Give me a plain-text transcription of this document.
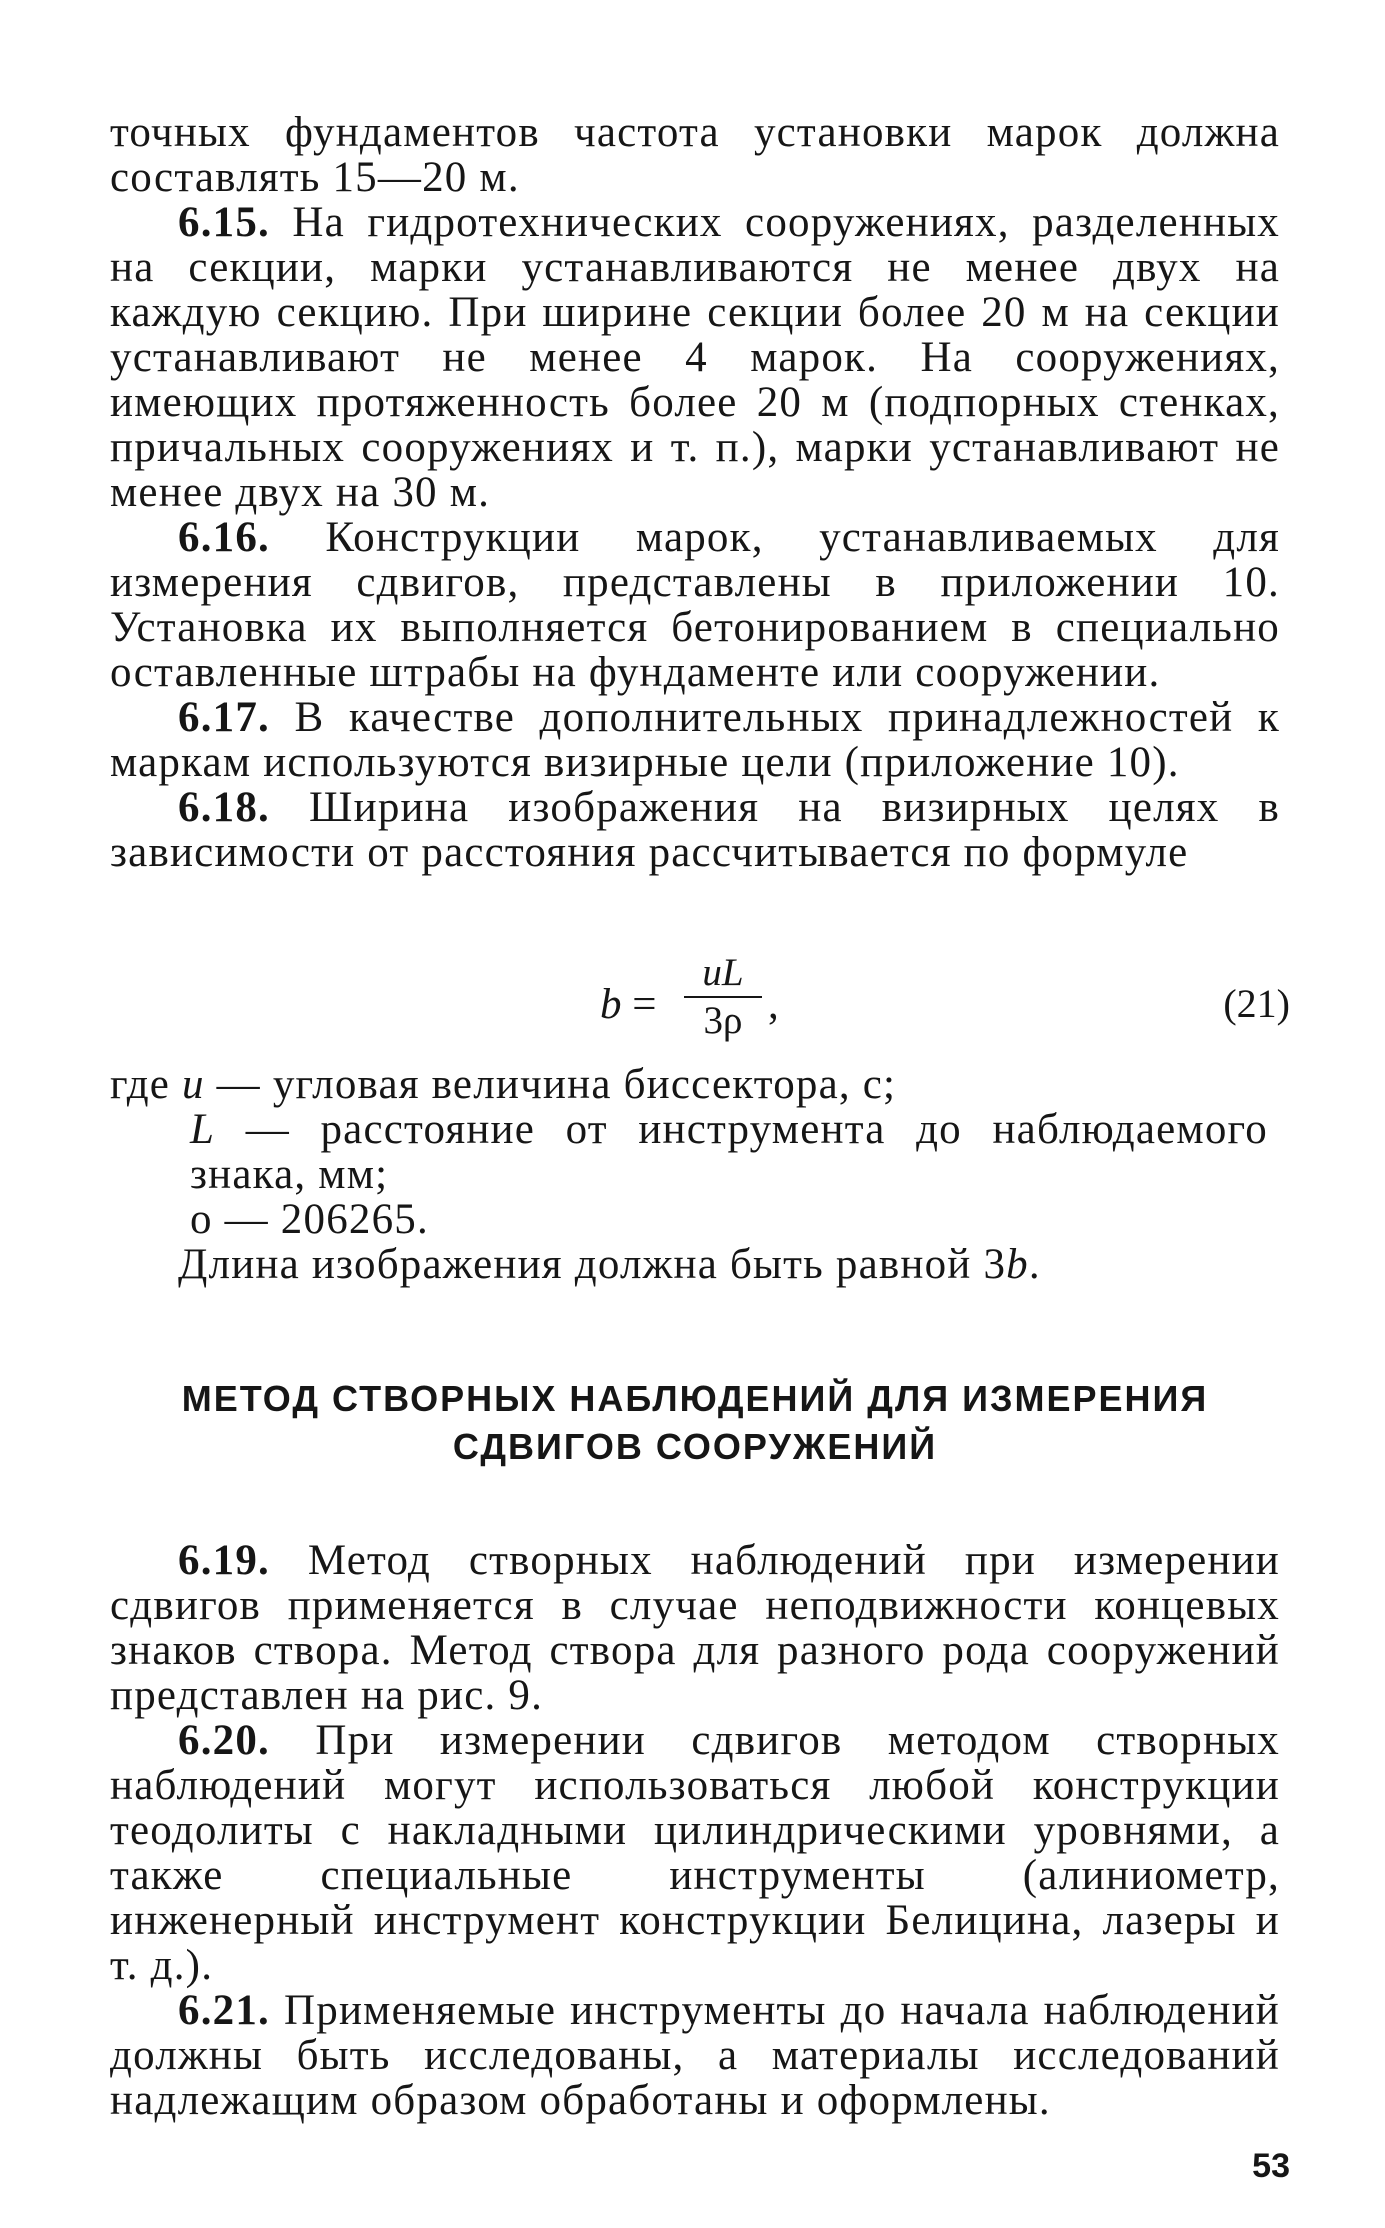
точных фундаментов частота установки марок должна составлять 15—20 м.

6.15. На гидротехнических сооружениях, разделенных на секции, марки устанавливаются не менее двух на каждую секцию. При ширине секции более 20 м на секции устанавливают не менее 4 марок. На сооружениях, имеющих протяженность более 20 м (подпорных стенках, причальных сооружениях и т. п.), марки устанавливают не менее двух на 30 м.

6.16. Конструкции марок, устанавливаемых для измерения сдвигов, представлены в приложении 10. Установка их выполняется бетонированием в специально оставленные штрабы на фундаменте или сооружении.

6.17. В качестве дополнительных принадлежностей к маркам используются визирные цели (приложение 10).

6.18. Ширина изображения на визирных целях в зависимости от расстояния рассчитывается по формуле

b =
uL
3ρ ,	(21)

где u — угловая величина биссектора, с;

L — расстояние от инструмента до наблюдаемого знака, мм;

ο — 206265.

Длина изображения должна быть равной 3b.

МЕТОД СТВОРНЫХ НАБЛЮДЕНИЙ ДЛЯ ИЗМЕРЕНИЯ
СДВИГОВ СООРУЖЕНИЙ

6.19. Метод створных наблюдений при измерении сдвигов применяется в случае неподвижности концевых знаков створа. Метод створа для разного рода сооружений представлен на рис. 9.

6.20. При измерении сдвигов методом створных наблюдений могут использоваться любой конструкции теодолиты с накладными цилиндрическими уровнями, а также специальные инструменты (алиниометр, инженерный инструмент конструкции Белицина, лазеры и т. д.).

6.21. Применяемые инструменты до начала наблюдений должны быть исследованы, а материалы исследований надлежащим образом обработаны и оформлены.

53
